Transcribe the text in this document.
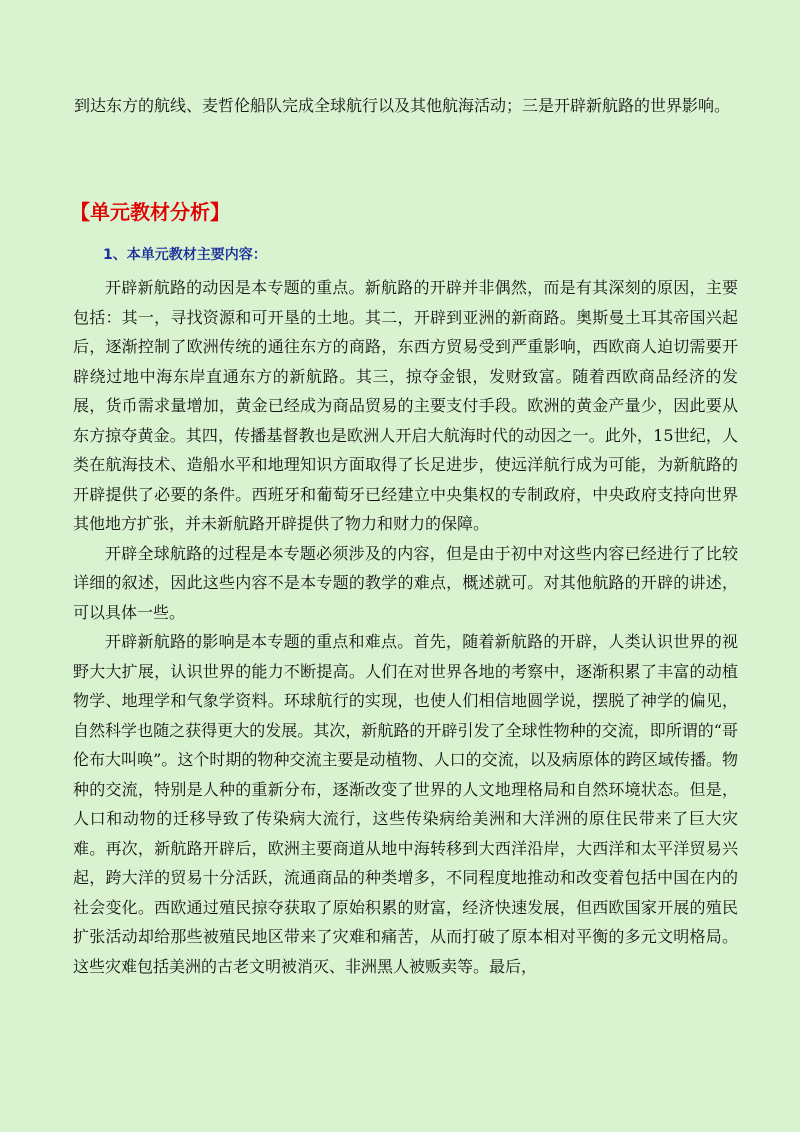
到达东方的航线、麦哲伦船队完成全球航行以及其他航海活动；三是开辟新航路的世界影响。
【单元教材分析】
1、本单元教材主要内容：

开辟新航路的动因是本专题的重点。新航路的开辟并非偶然，而是有其深刻的原因，主要包括：其一，寻找资源和可开垦的土地。其二，开辟到亚洲的新商路。奥斯曼土耳其帝国兴起后，逐渐控制了欧洲传统的通往东方的商路，东西方贸易受到严重影响，西欧商人迫切需要开辟绕过地中海东岸直通东方的新航路。其三，掠夺金银，发财致富。随着西欧商品经济的发展，货币需求量增加，黄金已经成为商品贸易的主要支付手段。欧洲的黄金产量少，因此要从东方掠夺黄金。其四，传播基督教也是欧洲人开启大航海时代的动因之一。此外，15世纪，人类在航海技术、造船水平和地理知识方面取得了长足进步，使远洋航行成为可能，为新航路的开辟提供了必要的条件。西班牙和葡萄牙已经建立中央集权的专制政府，中央政府支持向世界其他地方扩张，并未新航路开辟提供了物力和财力的保障。

开辟全球航路的过程是本专题必须涉及的内容，但是由于初中对这些内容已经进行了比较详细的叙述，因此这些内容不是本专题的教学的难点，概述就可。对其他航路的开辟的讲述，可以具体一些。

开辟新航路的影响是本专题的重点和难点。首先，随着新航路的开辟，人类认识世界的视野大大扩展，认识世界的能力不断提高。人们在对世界各地的考察中，逐渐积累了丰富的动植物学、地理学和气象学资料。环球航行的实现，也使人们相信地圆学说，摆脱了神学的偏见，自然科学也随之获得更大的发展。其次，新航路的开辟引发了全球性物种的交流，即所谓的“哥伦布大叫唤”。这个时期的物种交流主要是动植物、人口的交流，以及病原体的跨区域传播。物种的交流，特别是人种的重新分布，逐渐改变了世界的人文地理格局和自然环境状态。但是，人口和动物的迁移导致了传染病大流行，这些传染病给美洲和大洋洲的原住民带来了巨大灾难。再次，新航路开辟后，欧洲主要商道从地中海转移到大西洋沿岸，大西洋和太平洋贸易兴起，跨大洋的贸易十分活跃，流通商品的种类增多，不同程度地推动和改变着包括中国在内的社会变化。西欧通过殖民掠夺获取了原始积累的财富，经济快速发展，但西欧国家开展的殖民扩张活动却给那些被殖民地区带来了灾难和痛苦，从而打破了原本相对平衡的多元文明格局。这些灾难包括美洲的古老文明被消灭、非洲黑人被贩卖等。最后，
